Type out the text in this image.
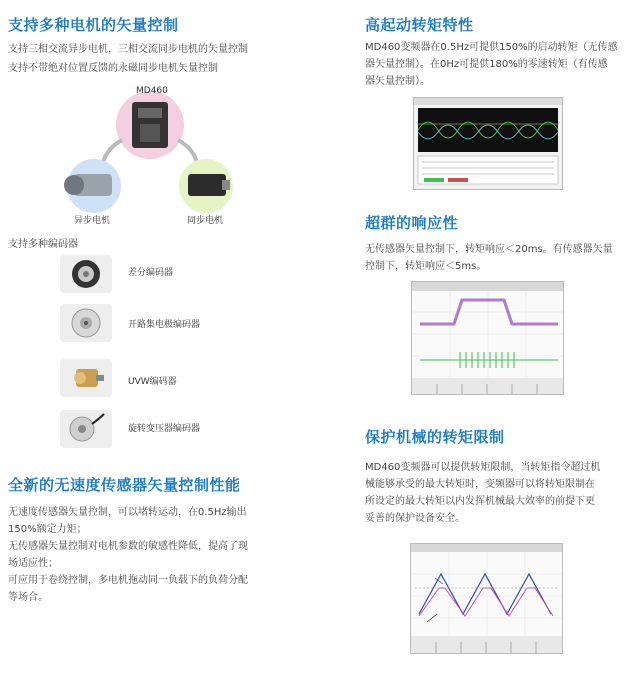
支持多种电机的矢量控制

支持三相交流异步电机，三相交流同步电机的矢量控制

支持不带绝对位置反馈的永磁同步电机矢量控制

MD460
异步电机	同步电机

支持多种编码器

差分编码器
开路集电极编码器
UVW编码器
旋转变压器编码器
全新的无速度传感器矢量控制性能
无速度传感器矢量控制，可以堵转运动，在0.5Hz输出
150%额定力矩；
无传感器矢量控制对电机参数的敏感性降低，提高了现
场适应性；
可应用于卷绕控制，多电机拖动同一负载下的负荷分配
等场合。
高起动转矩特性
MD460变频器在0.5Hz可提供150%的启动转矩（无传感
器矢量控制）。在0Hz可提供180%的零速转矩（有传感
器矢量控制）。
超群的响应性
无传感器矢量控制下，转矩响应＜20ms。有传感器矢量
控制下，转矩响应＜5ms。
保护机械的转矩限制
MD460变频器可以提供转矩限制，当转矩指令超过机
械能够承受的最大转矩时，变频器可以将转矩限制在
所设定的最大转矩以内发挥机械最大效率的前提下更
妥善的保护设备安全。
